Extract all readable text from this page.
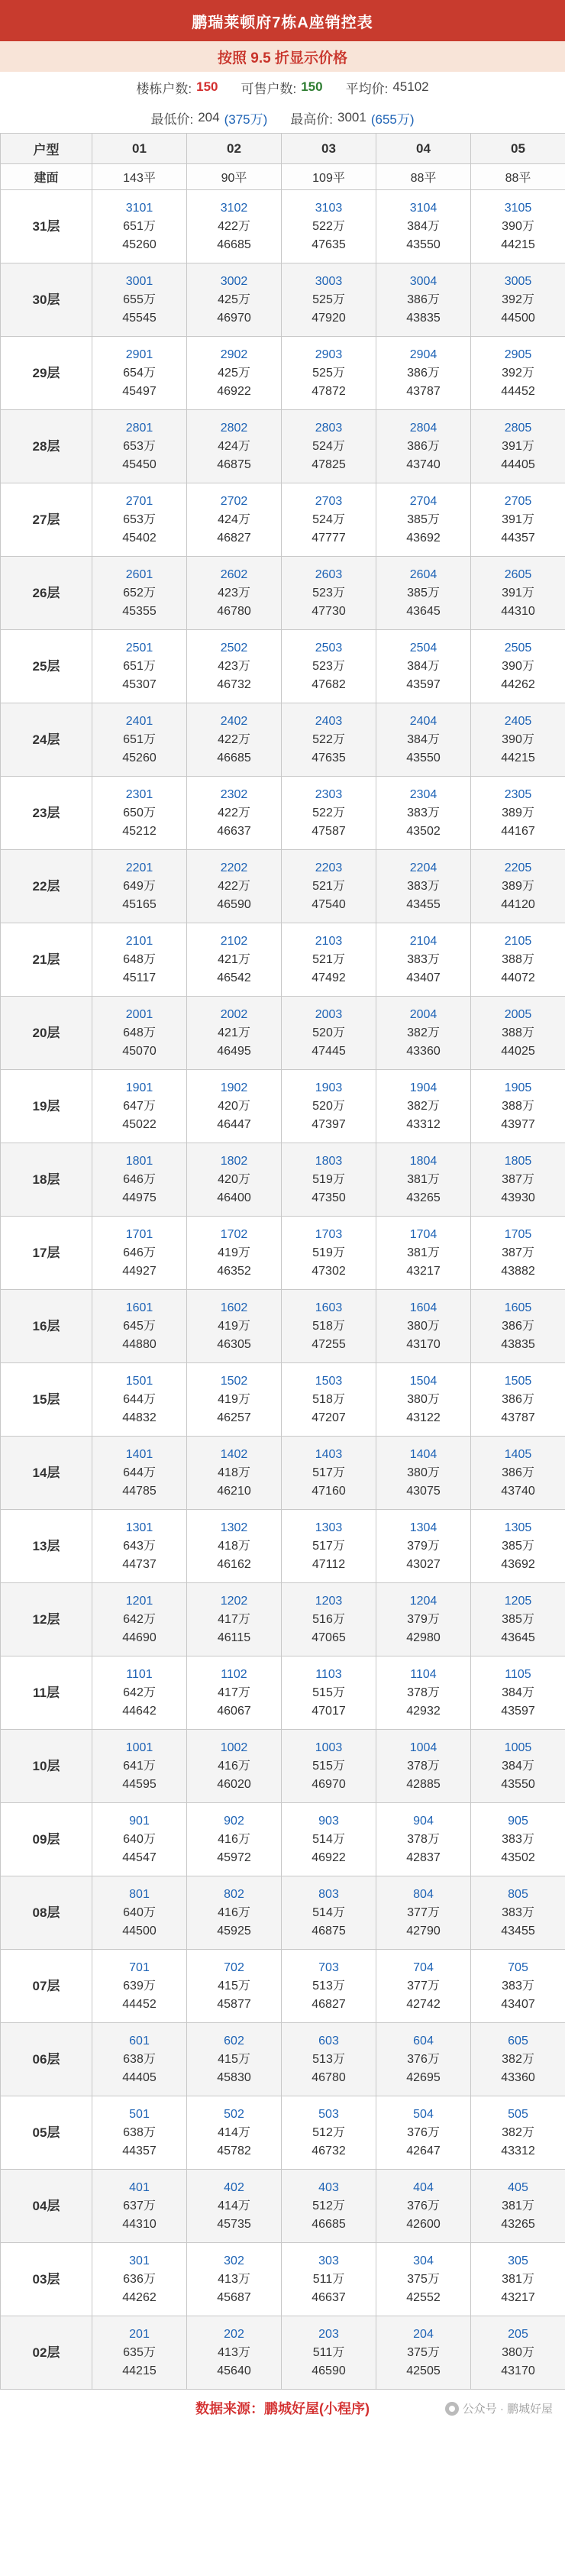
鹏瑞莱顿府7栋A座销控表
按照 9.5 折显示价格
楼栋户数: 150 可售户数: 150 平均价: 45102
最低价: 204 (375万) 最高价: 3001 (655万)
户型	01	02	03	04	05
建面	143平	90平	109平	88平	88平
31层	3101
651万
45260	3102
422万
46685	3103
522万
47635	3104
384万
43550	3105
390万
44215

30层	3001
655万
45545	3002
425万
46970	3003
525万
47920	3004
386万
43835	3005
392万
44500

29层	2901
654万
45497	2902
425万
46922	2903
525万
47872	2904
386万
43787	2905
392万
44452

28层	2801
653万
45450	2802
424万
46875	2803
524万
47825	2804
386万
43740	2805
391万
44405

27层	2701
653万
45402	2702
424万
46827	2703
524万
47777	2704
385万
43692	2705
391万
44357

26层	2601
652万
45355	2602
423万
46780	2603
523万
47730	2604
385万
43645	2605
391万
44310

25层	2501
651万
45307	2502
423万
46732	2503
523万
47682	2504
384万
43597	2505
390万
44262

24层	2401
651万
45260	2402
422万
46685	2403
522万
47635	2404
384万
43550	2405
390万
44215

23层	2301
650万
45212	2302
422万
46637	2303
522万
47587	2304
383万
43502	2305
389万
44167

22层	2201
649万
45165	2202
422万
46590	2203
521万
47540	2204
383万
43455	2205
389万
44120

21层	2101
648万
45117	2102
421万
46542	2103
521万
47492	2104
383万
43407	2105
388万
44072

20层	2001
648万
45070	2002
421万
46495	2003
520万
47445	2004
382万
43360	2005
388万
44025

19层	1901
647万
45022	1902
420万
46447	1903
520万
47397	1904
382万
43312	1905
388万
43977

18层	1801
646万
44975	1802
420万
46400	1803
519万
47350	1804
381万
43265	1805
387万
43930

17层	1701
646万
44927	1702
419万
46352	1703
519万
47302	1704
381万
43217	1705
387万
43882

16层	1601
645万
44880	1602
419万
46305	1603
518万
47255	1604
380万
43170	1605
386万
43835

15层	1501
644万
44832	1502
419万
46257	1503
518万
47207	1504
380万
43122	1505
386万
43787

14层	1401
644万
44785	1402
418万
46210	1403
517万
47160	1404
380万
43075	1405
386万
43740

13层	1301
643万
44737	1302
418万
46162	1303
517万
47112	1304
379万
43027	1305
385万
43692

12层	1201
642万
44690	1202
417万
46115	1203
516万
47065	1204
379万
42980	1205
385万
43645

11层	1101
642万
44642	1102
417万
46067	1103
515万
47017	1104
378万
42932	1105
384万
43597

10层	1001
641万
44595	1002
416万
46020	1003
515万
46970	1004
378万
42885	1005
384万
43550

09层	901
640万
44547	902
416万
45972	903
514万
46922	904
378万
42837	905
383万
43502

08层	801
640万
44500	802
416万
45925	803
514万
46875	804
377万
42790	805
383万
43455

07层	701
639万
44452	702
415万
45877	703
513万
46827	704
377万
42742	705
383万
43407

06层	601
638万
44405	602
415万
45830	603
513万
46780	604
376万
42695	605
382万
43360

05层	501
638万
44357	502
414万
45782	503
512万
46732	504
376万
42647	505
382万
43312

04层	401
637万
44310	402
414万
45735	403
512万
46685	404
376万
42600	405
381万
43265

03层	301
636万
44262	302
413万
45687	303
511万
46637	304
375万
42552	305
381万
43217

02层	201
635万
44215	202
413万
45640	203
511万
46590	204
375万
42505	205
380万
43170
数据来源：鹏城好屋(小程序)	公众号 · 鹏城好屋
